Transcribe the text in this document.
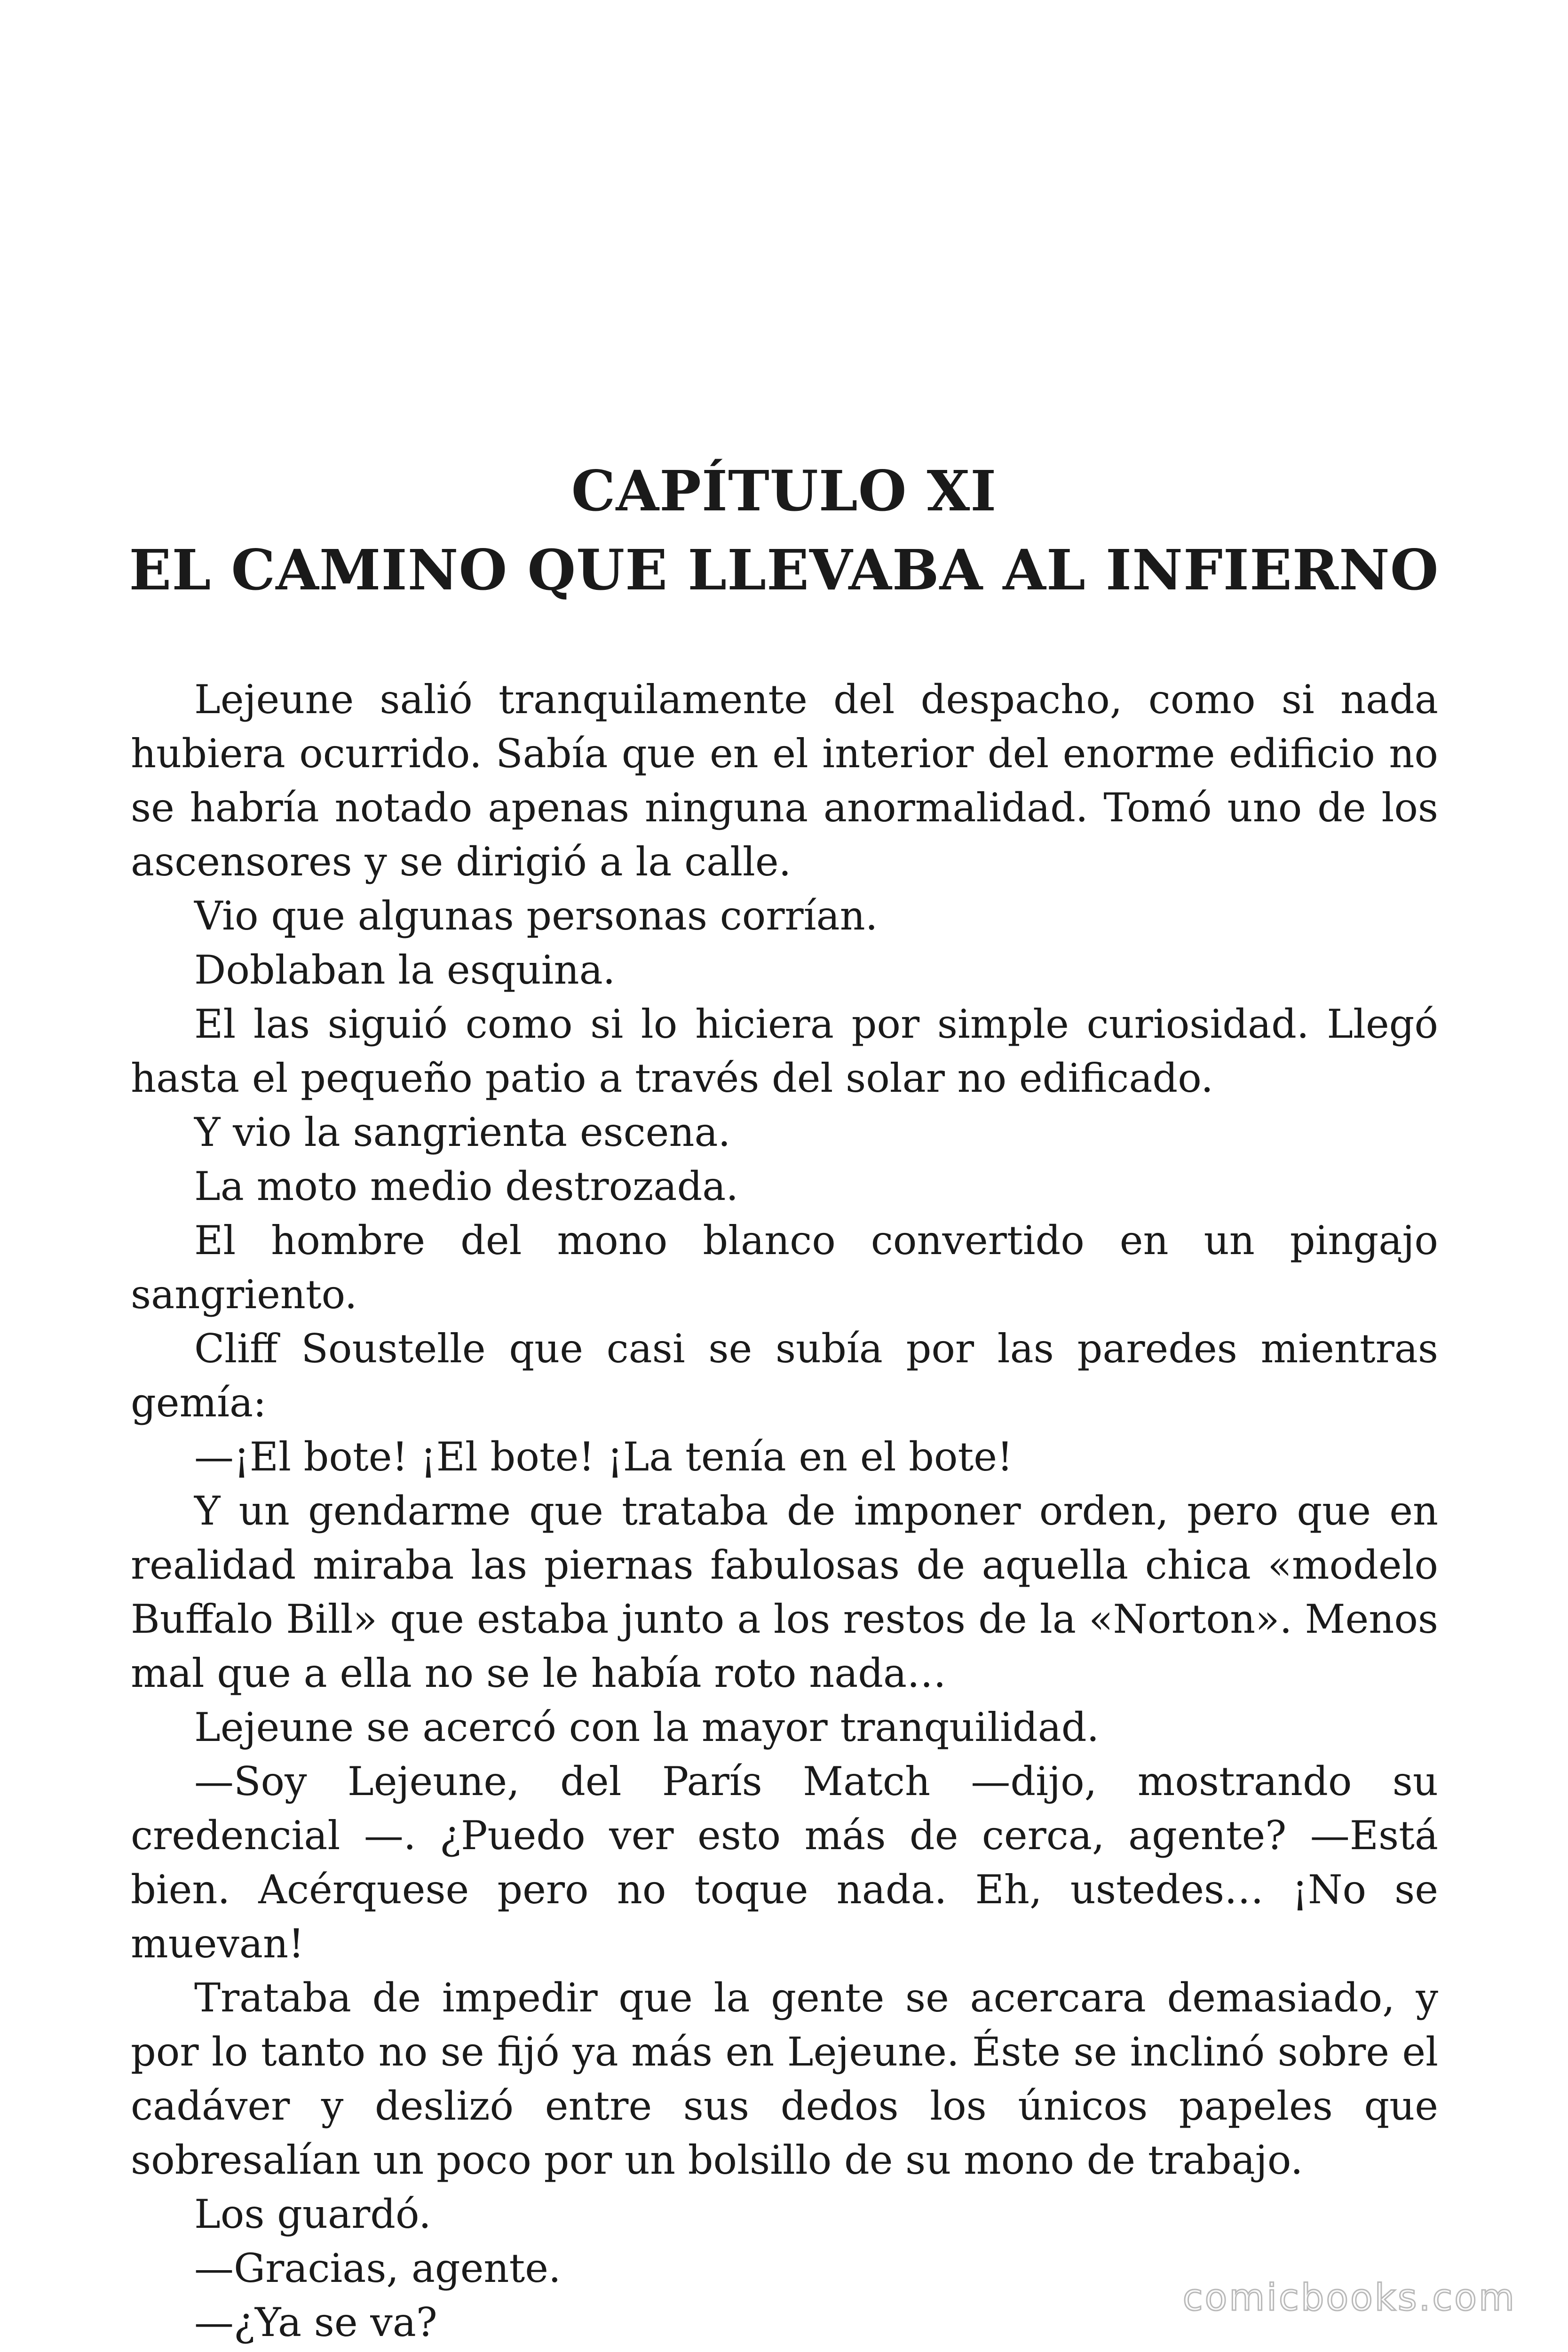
CAPÍTULO XI
EL CAMINO QUE LLEVABA AL INFIERNO

Lejeune salió tranquilamente del despacho, como si nada hubiera ocurrido. Sabía que en el interior del enorme edificio no se habría notado apenas ninguna anormalidad. Tomó uno de los ascensores y se dirigió a la calle.

Vio que algunas personas corrían.

Doblaban la esquina.

El las siguió como si lo hiciera por simple curiosidad. Llegó hasta el pequeño patio a través del solar no edificado.

Y vio la sangrienta escena.

La moto medio destrozada.

El hombre del mono blanco convertido en un pingajo sangriento.

Cliff Soustelle que casi se subía por las paredes mientras gemía:

—¡El bote! ¡El bote! ¡La tenía en el bote!

Y un gendarme que trataba de imponer orden, pero que en realidad miraba las piernas fabulosas de aquella chica «modelo Buffalo Bill» que estaba junto a los restos de la «Norton». Menos mal que a ella no se le había roto nada…

Lejeune se acercó con la mayor tranquilidad.

—Soy Lejeune, del París Match —dijo, mostrando su credencial —. ¿Puedo ver esto más de cerca, agente? —Está bien. Acérquese pero no toque nada. Eh, ustedes… ¡No se muevan!

Trataba de impedir que la gente se acercara demasiado, y por lo tanto no se fijó ya más en Lejeune. Éste se inclinó sobre el cadáver y deslizó entre sus dedos los únicos papeles que sobresalían un poco por un bolsillo de su mono de trabajo.

Los guardó.

—Gracias, agente.

—¿Ya se va?

comicbooks.com
